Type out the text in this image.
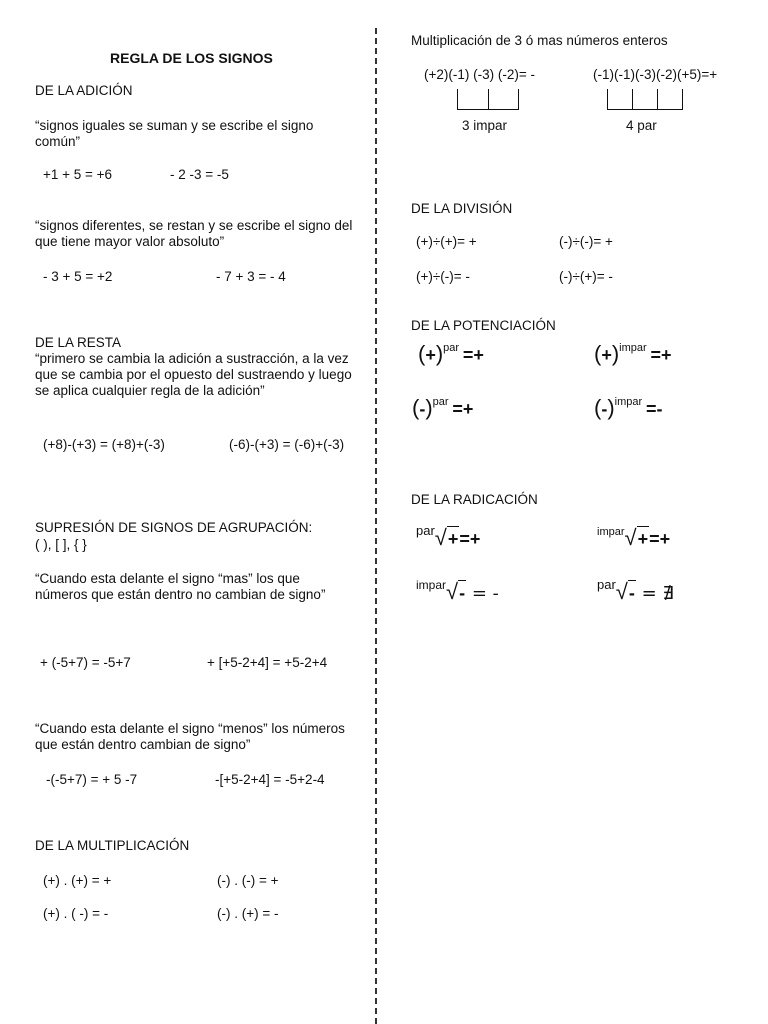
REGLA DE LOS SIGNOS
DE LA ADICIÓN
“signos iguales se suman y se escribe el signo común”
+1 + 5 = +6	- 2 -3 = -5
“signos diferentes, se restan y se escribe el signo del que tiene mayor valor absoluto”
- 3 + 5 = +2	- 7 + 3 = - 4
DE LA RESTA
“primero se cambia la adición a sustracción, a la vez que se cambia por el opuesto del sustraendo y luego se aplica cualquier regla de la adición”
(+8)-(+3) = (+8)+(-3)	(-6)-(+3) = (-6)+(-3)
SUPRESIÓN DE SIGNOS DE AGRUPACIÓN:
( ), [ ], { }
“Cuando esta delante el signo “mas” los que números que están dentro no cambian de signo”
+ (-5+7) = -5+7	+ [+5-2+4] = +5-2+4
“Cuando esta delante el signo “menos” los números que están dentro cambian de signo”
-(-5+7) = + 5 -7	-[+5-2+4] = -5+2-4
DE LA MULTIPLICACIÓN
(+) . (+) = +	(-) . (-) = +
(+) . ( -) = -	(-) . (+) = -
Multiplicación de 3 ó mas números enteros
(+2)(-1) (-3) (-2)= -	(-1)(-1)(-3)(-2)(+5)=+
3 impar	4 par
DE LA DIVISIÓN
(+)÷(+)= +	(-)÷(-)= +
(+)÷(-)= -	(-)÷(+)= -
DE LA POTENCIACIÓN
$(+)^{par}$ =+	$(+)^{impar}$ =+
$(-)^{par}$ =+	$(-)^{impar}$ =-
DE LA RADICACIÓN
par√+=+	$^{impar}$√+=+
impar√- = -	par√- = ∄
